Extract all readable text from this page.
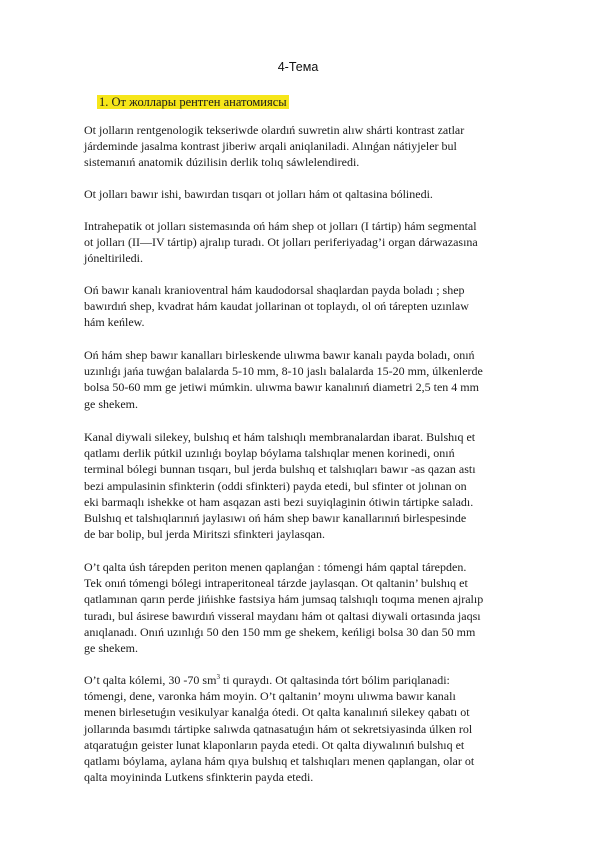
4-Тема
1. От жоллары рентген анатомиясы
Ot jolların rentgenologik tekseriwde olardıń suwretin alıw shárti kontrast zatlar
járdeminde jasalma kontrast jiberiw arqali aniqlaniladi. Alınǵan nátiyjeler bul
sistemanıń anatomik dúzilisin derlik tolıq sáwlelendiredi.
Ot jolları bawır ishi, bawırdan tısqarı ot jolları hám ot qaltasina bólinedi.
Intrahepatik ot jolları sistemasında oń hám shep ot jolları (I tártip) hám segmental
ot jolları (II—IV tártip) ajralıp turadı. Ot jolları periferiyadag’i organ dárwazasına
jóneltiriledi.
Oń bawır kanalı kranioventral hám kaudodorsal shaqlardan payda boladı ; shep
bawırdıń shep, kvadrat hám kaudat jollarinan ot toplaydı, ol oń tárepten uzınlaw
hám keńlew.
Oń hám shep bawır kanalları birleskende ulıwma bawır kanalı payda boladı, onıń
uzınlıǵı jańa tuwǵan balalarda 5-10 mm, 8-10 jaslı balalarda 15-20 mm, úlkenlerde
bolsa 50-60 mm ge jetiwi múmkin. ulıwma bawır kanalınıń diametri 2,5 ten 4 mm
ge shekem.
Kanal diywali silekey, bulshıq et hám talshıqlı membranalardan ibarat. Bulshıq et
qatlamı derlik pútkil uzınlıǵı boylap bóylama talshıqlar menen korinedi, onıń
terminal bólegi bunnan tısqarı, bul jerda bulshıq et talshıqları bawır -as qazan astı
bezi ampulasinin sfinkterin (oddi sfinkteri) payda etedi, bul sfinter ot jolınan on
eki barmaqlı ishekke ot ham asqazan asti bezi suyiqlaginin ótiwin tártipke saladı.
Bulshıq et talshıqlarınıń jaylasıwı oń hám shep bawır kanallarınıń birlespesinde
de bar bolip, bul jerda Miritszi sfinkteri jaylasqan.
O’t qalta úsh tárepden periton menen qaplanǵan : tómengi hám qaptal tárepden.
Tek onıń tómengi bólegi intraperitoneal tárzde jaylasqan. Ot qaltanin’ bulshıq et
qatlamınan qarın perde jińishke fastsiya hám jumsaq talshıqlı toqıma menen ajralıp
turadı, bul ásirese bawırdıń visseral maydanı hám ot qaltasi diywali ortasında jaqsı
anıqlanadı. Onıń uzınlıǵı 50 den 150 mm ge shekem, keńligi bolsa 30 dan 50 mm
ge shekem.
O’t qalta kólemi, 30 -70 $sm^3$ ti quraydı. Ot qaltasinda tórt bólim pariqlanadi:
tómengi, dene, varonka hám moyin. O’t qaltanin’ moynı ulıwma bawır kanalı
menen birlesetuǵın vesikulyar kanalǵa ótedi. Ot qalta kanalınıń silekey qabatı ot
jollarında basımdı tártipke salıwda qatnasatuǵın hám ot sekretsiyasinda úlken rol
atqaratuǵın geister lunat klaponların payda etedi. Ot qalta diywalınıń bulshıq et
qatlamı bóylama, aylana hám qıya bulshıq et talshıqları menen qaplangan, olar ot
qalta moyininda Lutkens sfinkterin payda etedi.
